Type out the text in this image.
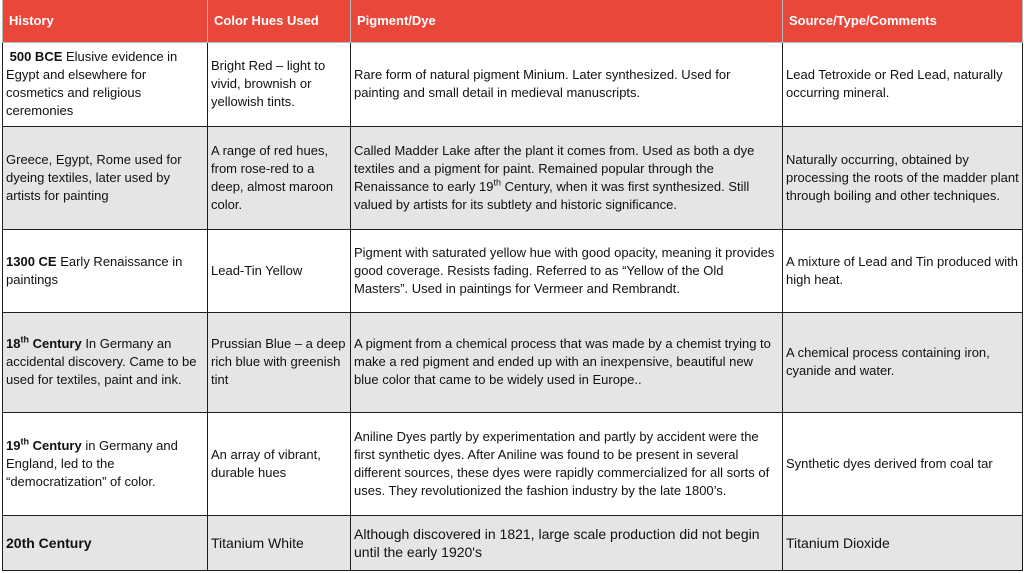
History	Color Hues Used	Pigment/Dye	Source/Type/Comments
500 BCE Elusive evidence in Egypt and elsewhere for cosmetics and religious ceremonies	Bright Red – light to vivid, brownish or yellowish tints.	Rare form of natural pigment Minium. Later synthesized. Used for painting and small detail in medieval manuscripts.	Lead Tetroxide or Red Lead, naturally occurring mineral.
Greece, Egypt, Rome used for dyeing textiles, later used by artists for painting	A range of red hues, from rose-red to a deep, almost maroon color.	Called Madder Lake after the plant it comes from. Used as both a dye textiles and a pigment for paint. Remained popular through the Renaissance to early 19th Century, when it was first synthesized. Still valued by artists for its subtlety and historic significance.	Naturally occurring, obtained by processing the roots of the madder plant through boiling and other techniques.
1300 CE Early Renaissance in paintings	Lead-Tin Yellow	Pigment with saturated yellow hue with good opacity, meaning it provides good coverage. Resists fading. Referred to as “Yellow of the Old Masters”. Used in paintings for Vermeer and Rembrandt.	A mixture of Lead and Tin produced with high heat.
18th Century In Germany an accidental discovery. Came to be used for textiles, paint and ink.	Prussian Blue – a deep rich blue with greenish tint	A pigment from a chemical process that was made by a chemist trying to make a red pigment and ended up with an inexpensive, beautiful new blue color that came to be widely used in Europe..	A chemical process containing iron, cyanide and water.
19th Century in Germany and England, led to the “democratization” of color.	An array of vibrant, durable hues	Aniline Dyes partly by experimentation and partly by accident were the first synthetic dyes. After Aniline was found to be present in several different sources, these dyes were rapidly commercialized for all sorts of uses. They revolutionized the fashion industry by the late 1800’s.	Synthetic dyes derived from coal tar
20th Century	Titanium White	Although discovered in 1821, large scale production did not begin until the early 1920's	Titanium Dioxide
